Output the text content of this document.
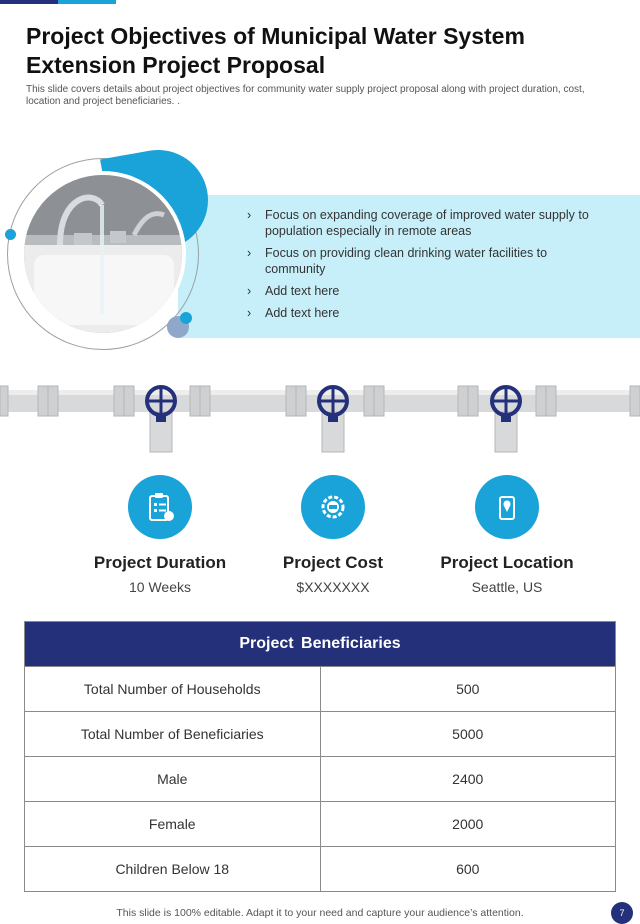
Project Objectives of Municipal Water System Extension Project Proposal
This slide covers details about project objectives for community water supply project proposal along with project duration, cost, location and project beneficiaries. .
› Focus on expanding coverage of improved water supply to population especially in remote areas
› Focus on providing clean drinking water facilities to community
› Add text here
› Add text here
Project Duration
10 Weeks
Project Cost
$XXXXXXX
Project Location
Seattle, US
Project Beneficiaries
Total Number of Households	500
Total Number of Beneficiaries	5000
Male	2400
Female	2000
Children Below 18	600
This slide is 100% editable. Adapt it to your need and capture your audience’s attention.	7
